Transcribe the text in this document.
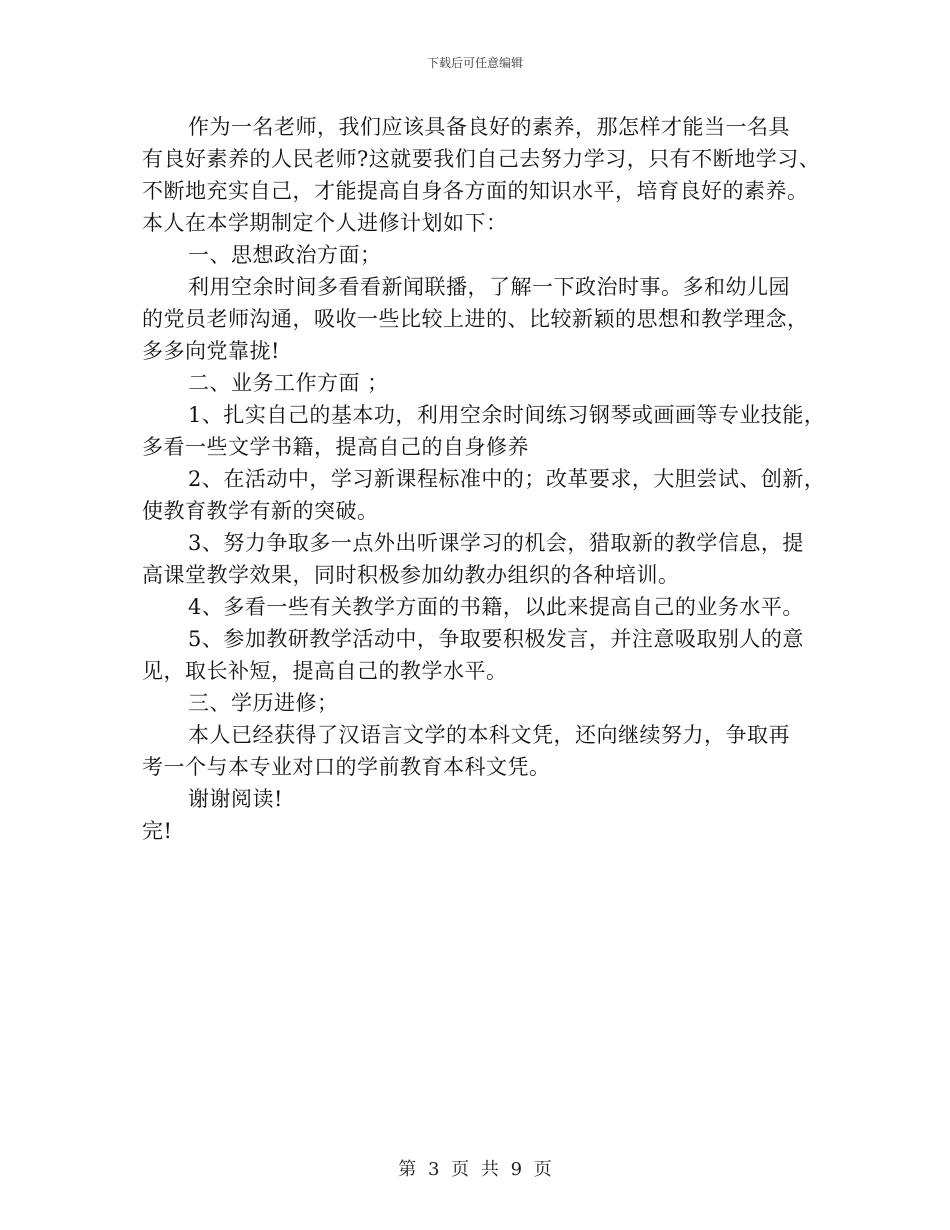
下载后可任意编辑
作为一名老师，我们应该具备良好的素养，那怎样才能当一名具
有良好素养的人民老师?这就要我们自己去努力学习，只有不断地学习、
不断地充实自己，才能提高自身各方面的知识水平，培育良好的素养。
本人在本学期制定个人进修计划如下：
一、思想政治方面；
利用空余时间多看看新闻联播，了解一下政治时事。多和幼儿园
的党员老师沟通，吸收一些比较上进的、比较新颖的思想和教学理念，
多多向党靠拢!
二、业务工作方面 ；
1、扎实自己的基本功，利用空余时间练习钢琴或画画等专业技能，
多看一些文学书籍，提高自己的自身修养
2、在活动中，学习新课程标准中的；改革要求，大胆尝试、创新，
使教育教学有新的突破。
3、努力争取多一点外出听课学习的机会，猎取新的教学信息，提
高课堂教学效果，同时积极参加幼教办组织的各种培训。
4、多看一些有关教学方面的书籍，以此来提高自己的业务水平。
5、参加教研教学活动中，争取要积极发言，并注意吸取别人的意
见，取长补短，提高自己的教学水平。
三、学历进修；
本人已经获得了汉语言文学的本科文凭，还向继续努力，争取再
考一个与本专业对口的学前教育本科文凭。
谢谢阅读!
完!
第 3 页 共 9 页
